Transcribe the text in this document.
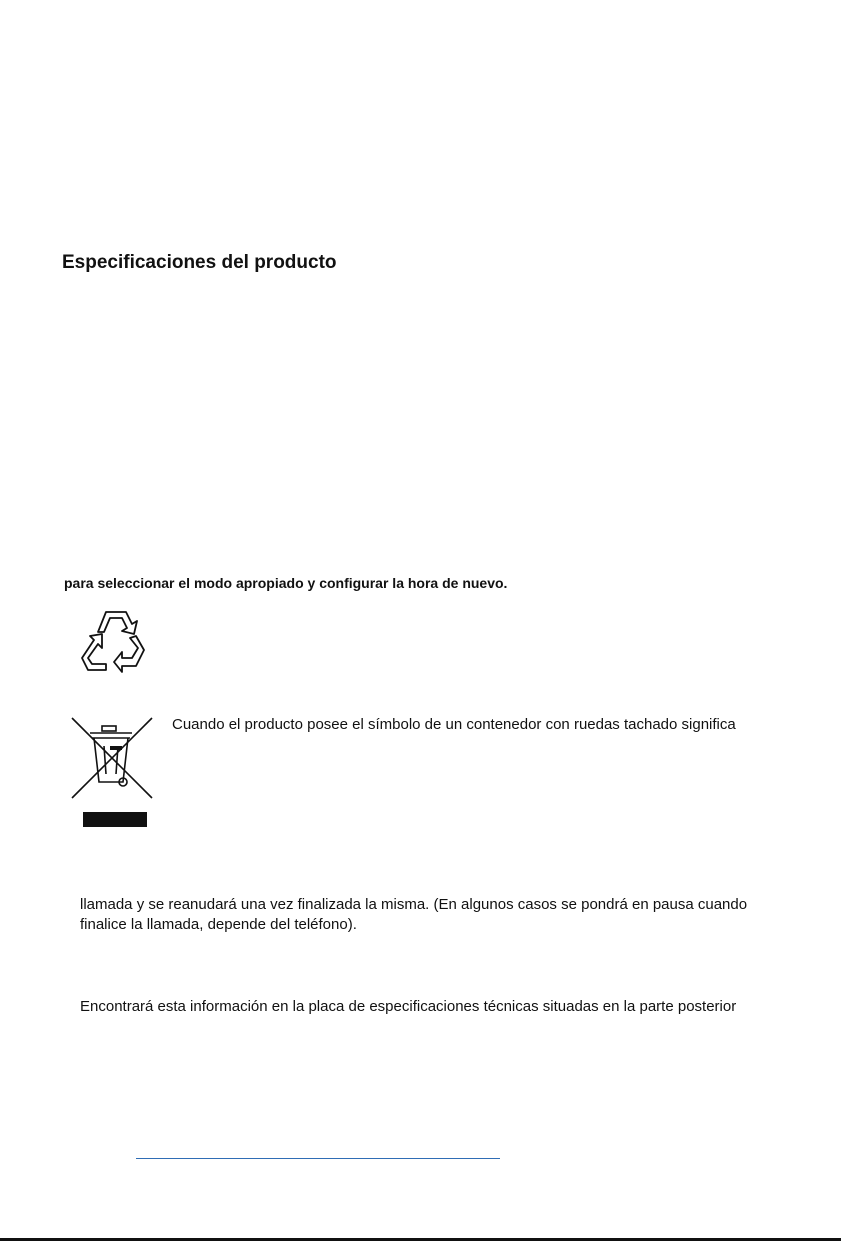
Especificaciones del producto
para seleccionar el modo apropiado y configurar la hora de nuevo.
Cuando el producto posee el símbolo de un contenedor con ruedas tachado significa
llamada y se reanudará una vez finalizada la misma. (En algunos casos se pondrá en pausa cuando
finalice la llamada, depende del teléfono).
Encontrará esta información en la placa de especificaciones técnicas situadas en la parte posterior
